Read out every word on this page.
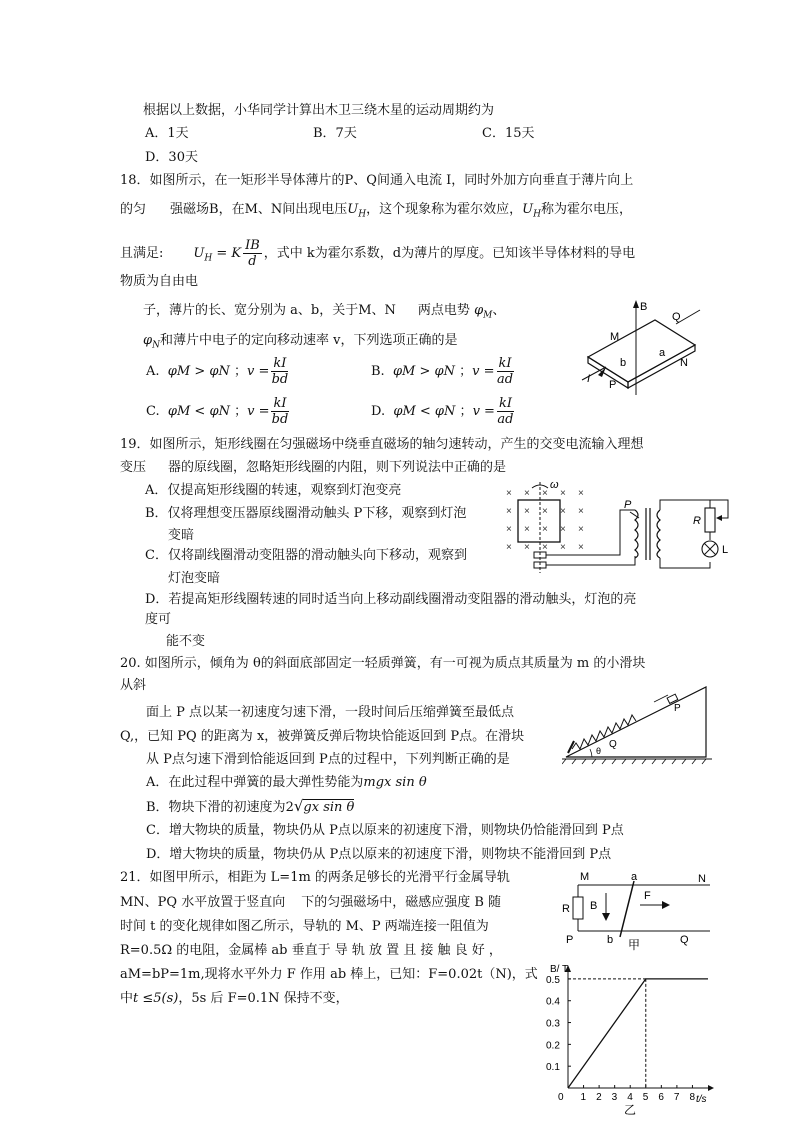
根据以上数据，小华同学计算出木卫三绕木星的运动周期约为
A．1天	B．7天	C．15天
D．30天
18．如图所示，在一矩形半导体薄片的P、Q间通入电流 I，同时外加方向垂直于薄片向上
的匀 强磁场B，在M、N间出现电压$U_H$，这个现象称为霍尔效应，$U_H$称为霍尔电压，
且满足: $U_H = K \frac{IB}{d}$ ，式中 k为霍尔系数，d为薄片的厚度。已知该半导体材料的导电
物质为自由电
子，薄片的长、宽分别为 a、b，关于M、N 两点电势 $\varphi_M$、
$\varphi_N$和薄片中电子的定向移动速率 v，下列选项正确的是
A. φM > φN ；$v = \frac{kI}{bd}$	B. φM > φN ；$v = \frac{kI}{ad}$
C. φM < φN ；$v = \frac{kI}{bd}$	D. φM < φN ；$v = \frac{kI}{ad}$
B
Q
M
b
a
N
I P
19．如图所示，矩形线圈在匀强磁场中绕垂直磁场的轴匀速转动，产生的交变电流输入理想
变压 器的原线圈，忽略矩形线圈的内阻，则下列说法中正确的是
A．仅提高矩形线圈的转速，观察到灯泡变亮
B．仅将理想变压器原线圈滑动触头 P下移，观察到灯泡
变暗
C．仅将副线圈滑动变阻器的滑动触头向下移动，观察到
灯泡变暗
D．若提高矩形线圈转速的同时适当向上移动副线圈滑动变阻器的滑动触头，灯泡的亮
度可
能不变
× × × × ×
× × × × ×
× × × × ×
× × × × ×
ω
P
R
L
20. 如图所示，倾角为 θ的斜面底部固定一轻质弹簧，有一可视为质点其质量为 m 的小滑块
从斜
面上 P 点以某一初速度匀速下滑，一段时间后压缩弹簧至最低点
Q,，已知 PQ 的距离为 x，被弹簧反弹后物块恰能返回到 P点。在滑块
从 P点匀速下滑到恰能返回到 P点的过程中，下列判断正确的是
A．在此过程中弹簧的最大弹性势能为mgx sin θ
B．物块下滑的初速度为2√gx sin θ
C．增大物块的质量，物块仍从 P点以原来的初速度下滑，则物块仍恰能滑回到 P点
D．增大物块的质量，物块仍从 P点以原来的初速度下滑，则物块不能滑回到 P点
P
Q
θ
21．如图甲所示，相距为 L=1m 的两条足够长的光滑平行金属导轨
MN、PQ 水平放置于竖直向 下的匀强磁场中，磁感应强度 B 随
时间 t 的变化规律如图乙所示，导轨的 M、P 两端连接一阻值为
R=0.5Ω 的电阻，金属棒 ab 垂直于 导 轨 放 置 且 接 触 良 好 ，
aM=bP=1m,现将水平外力 F 作用 ab 棒上，已知：F=0.02t（N)，式
中t ≤5(s)，5s 后 F=0.1N 保持不变，
M	a	N
R B
F
P	b 甲	Q
B/ T
t/s
乙
0 1 2 3 4 5 6 7 8
0.1
0.2
0.3
0.4
0.5
